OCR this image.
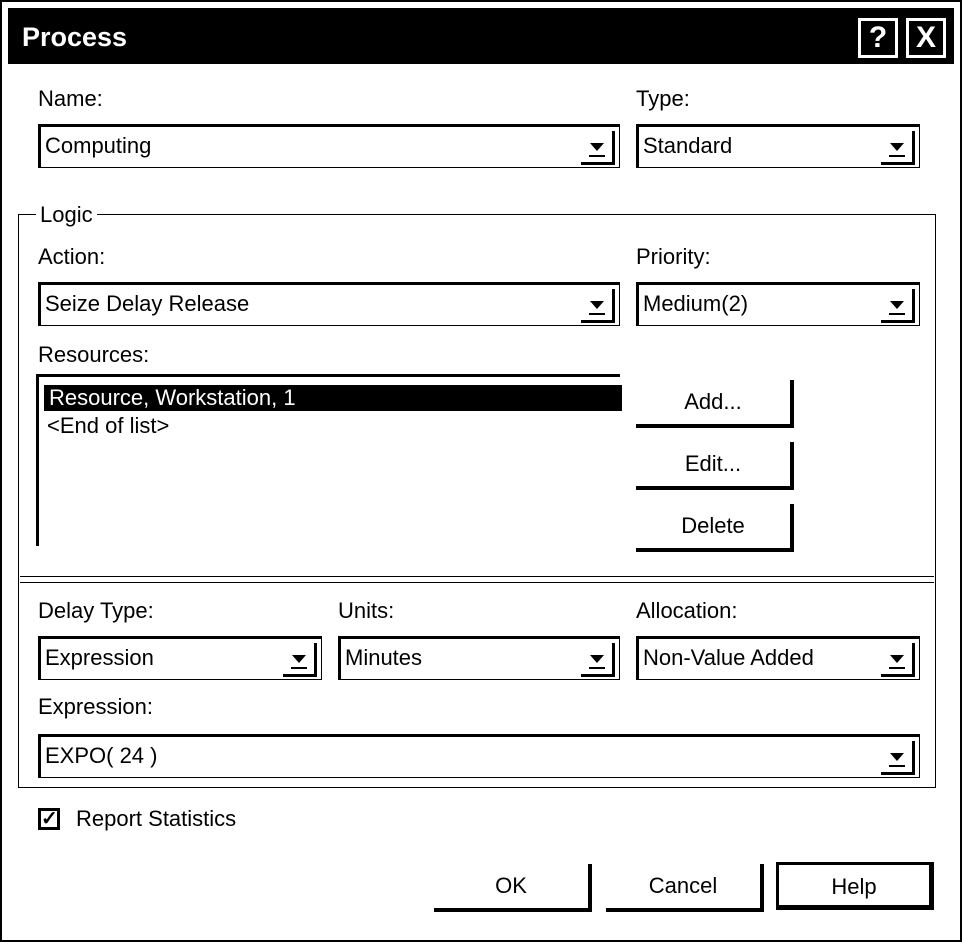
Process	? X
Name:
Computing
Type:
Standard
Logic
Action:
Seize Delay Release
Priority:
Medium(2)
Resources:
Resource, Workstation, 1
<End of list>
Add...
Edit...
Delete
Delay Type:
Expression
Units:
Minutes
Allocation:
Non-Value Added
Expression:
EXPO( 24 )
✓ Report Statistics
OK	Cancel	Help
